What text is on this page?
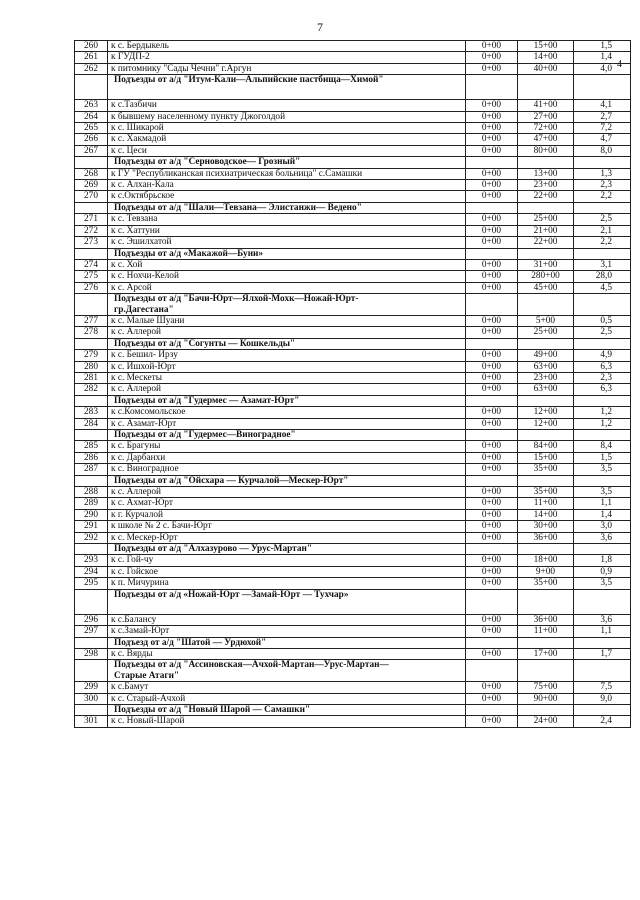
7
4
260	к с. Бердыкель	0+00	15+00	1,5
261	к ГУДП-2	0+00	14+00	1,4
262	к питомнику "Сады Чечни" г.Аргун	0+00	40+00	4,0

	Подъезды от а/д "Итум-Кали—Альпийские пастбища—Химой"			

263	к с.Тазбичи	0+00	41+00	4,1
264	к бывшему населенному пункту Джоголдой	0+00	27+00	2,7
265	к с. Шикарой	0+00	72+00	7,2
266	к с. Хакмадой	0+00	47+00	4,7
267	к с. Цеси	0+00	80+00	8,0

	Подъезды от а/д "Серноводское— Грозный"			

268	к ГУ "Республиканская психиатрическая больница" с.Самашки	0+00	13+00	1,3
269	к с. Алхан-Кала	0+00	23+00	2,3
270	к с.Октябрьское	0+00	22+00	2,2

	Подъезды от а/д "Шали—Тевзана— Элистанжи— Ведено"			

271	к с. Тевзана	0+00	25+00	2,5
272	к с. Хаттуни	0+00	21+00	2,1
273	к с. Эшилхатой	0+00	22+00	2,2

	Подъезды от а/д «Макажой—Буни»			

274	к с. Хой	0+00	31+00	3,1
275	к с. Нохчи-Келой	0+00	280+00	28,0
276	к с. Арсой	0+00	45+00	4,5

	Подъезды от а/д "Бачи-Юрт—Ялхой-Мохк—Ножай-Юрт-
гр.Дагестана"			

277	к с. Малые Шуани	0+00	5+00	0,5
278	к с. Аллерой	0+00	25+00	2,5

	Подъезды от а/д "Согунты — Кошкельды"			

279	к с. Бешил- Ирзу	0+00	49+00	4,9
280	к с. Ишхой-Юрт	0+00	63+00	6,3
281	к с. Мескеты	0+00	23+00	2,3
282	к с. Аллерой	0+00	63+00	6,3

	Подъезды от а/д "Гудермес — Азамат-Юрт"			

283	к с.Комсомольское	0+00	12+00	1,2
284	к с. Азамат-Юрт	0+00	12+00	1,2

	Подъезды от а/д "Гудермес—Виноградное"			

285	к с. Брагуны	0+00	84+00	8,4
286	к с. Дарбанхи	0+00	15+00	1,5
287	к с. Виноградное	0+00	35+00	3,5

	Подъезды от а/д "Ойсхара — Курчалой—Мескер-Юрт"			

288	к с. Аллерой	0+00	35+00	3,5
289	к с. Ахмат-Юрт	0+00	11+00	1,1
290	к г. Курчалой	0+00	14+00	1,4
291	к школе № 2 с. Бачи-Юрт	0+00	30+00	3,0
292	к с. Мескер-Юрт	0+00	36+00	3,6

	Подъезды от а/д "Алхазурово — Урус-Мартан"			

293	к с. Гой-чу	0+00	18+00	1,8
294	к с. Гойское	0+00	9+00	0,9
295	к п. Мичурина	0+00	35+00	3,5

	Подъезды от а/д «Ножай-Юрт —Замай-Юрт — Тухчар»			

296	к с.Балансу	0+00	36+00	3,6
297	к с.Замай-Юрт	0+00	11+00	1,1

	Подъезд от а/д "Шатой — Урдюхой"			

298	к с. Вярды	0+00	17+00	1,7

	Подъезды от а/д "Ассиновская—Ачхой-Мартан—Урус-Мартан—
Старые Атаги"			

299	к с.Бамут	0+00	75+00	7,5
300	к с. Старый-Ачхой	0+00	90+00	9,0

	Подъезды от а/д "Новый Шарой — Самашки"			

301	к с. Новый-Шарой	0+00	24+00	2,4
